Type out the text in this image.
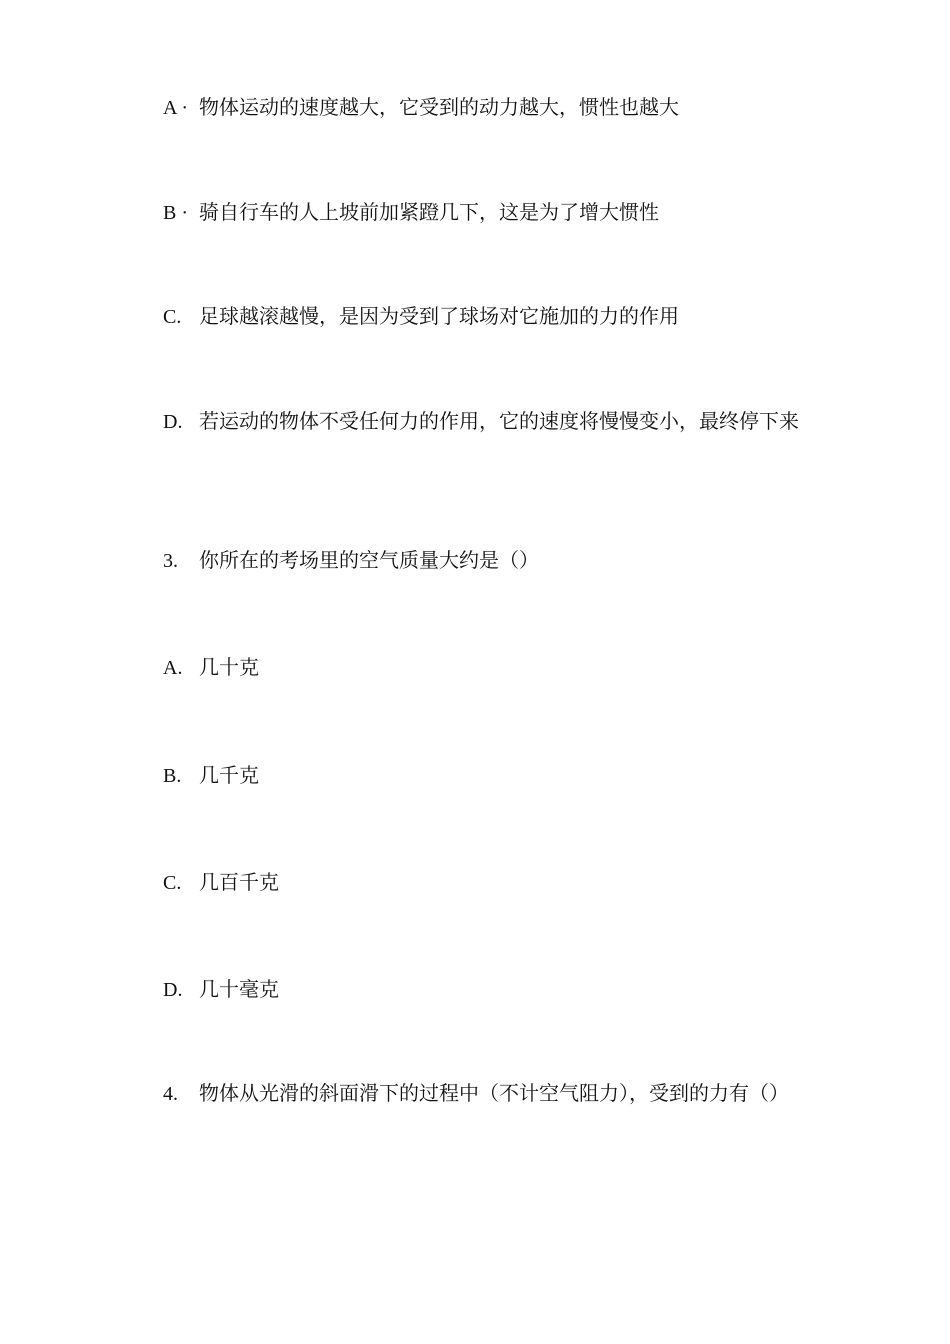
A · 物体运动的速度越大，它受到的动力越大，惯性也越大

B · 骑自行车的人上坡前加紧蹬几下，这是为了增大惯性

C. 足球越滚越慢，是因为受到了球场对它施加的力的作用

D. 若运动的物体不受任何力的作用，它的速度将慢慢变小，最终停下来

3. 你所在的考场里的空气质量大约是（）

A. 几十克

B. 几千克

C. 几百千克

D. 几十毫克

4. 物体从光滑的斜面滑下的过程中（不计空气阻力），受到的力有（）
